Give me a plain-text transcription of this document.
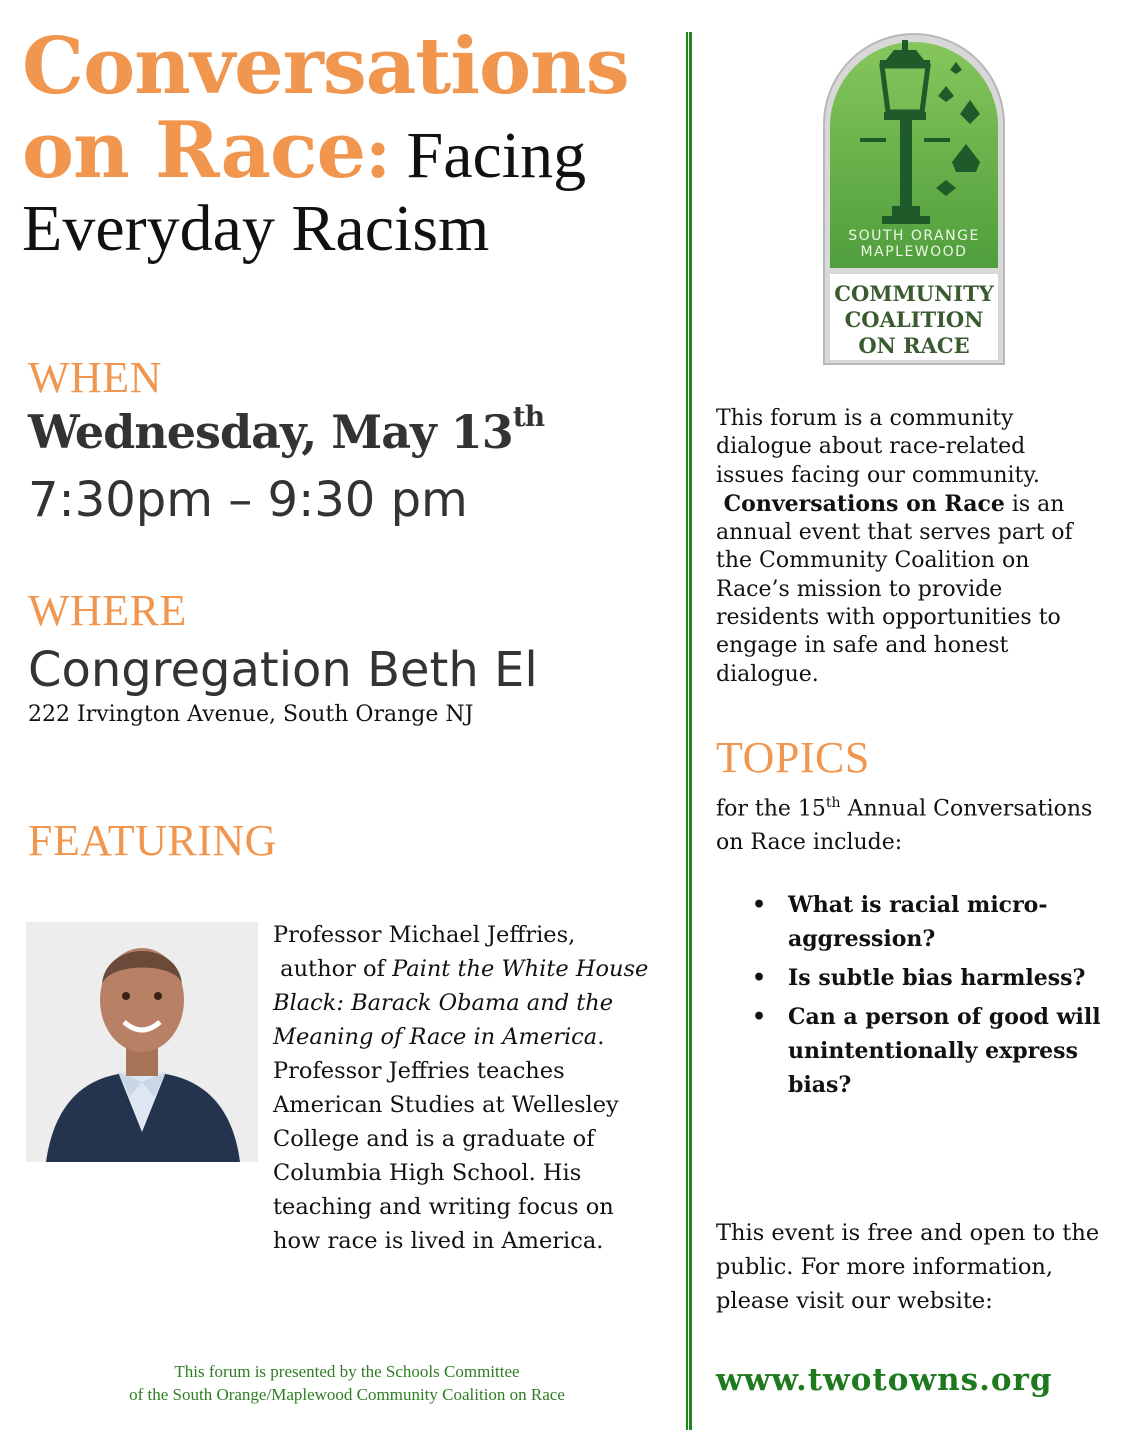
Conversations
on Race: Facing
Everyday Racism
WHEN
Wednesday, May 13th
7:30pm – 9:30 pm
WHERE
Congregation Beth El
222 Irvington Avenue, South Orange NJ
FEATURING
Professor Michael Jeffries,
author of Paint the White House
Black: Barack Obama and the
Meaning of Race in America.
Professor Jeffries teaches
American Studies at Wellesley
College and is a graduate of
Columbia High School. His
teaching and writing focus on
how race is lived in America.
This forum is presented by the Schools Committee
of the South Orange/Maplewood Community Coalition on Race
SOUTH ORANGE
MAPLEWOOD
COMMUNITY
COALITION
ON RACE
This forum is a community
dialogue about race-related
issues facing our community.
Conversations on Race is an
annual event that serves part of
the Community Coalition on
Race’s mission to provide
residents with opportunities to
engage in safe and honest
dialogue.
TOPICS
for the 15th Annual Conversations
on Race include:
• What is racial micro-aggression?
• Is subtle bias harmless?
• Can a person of good will unintentionally express bias?
This event is free and open to the
public. For more information,
please visit our website:
www.twotowns.org
